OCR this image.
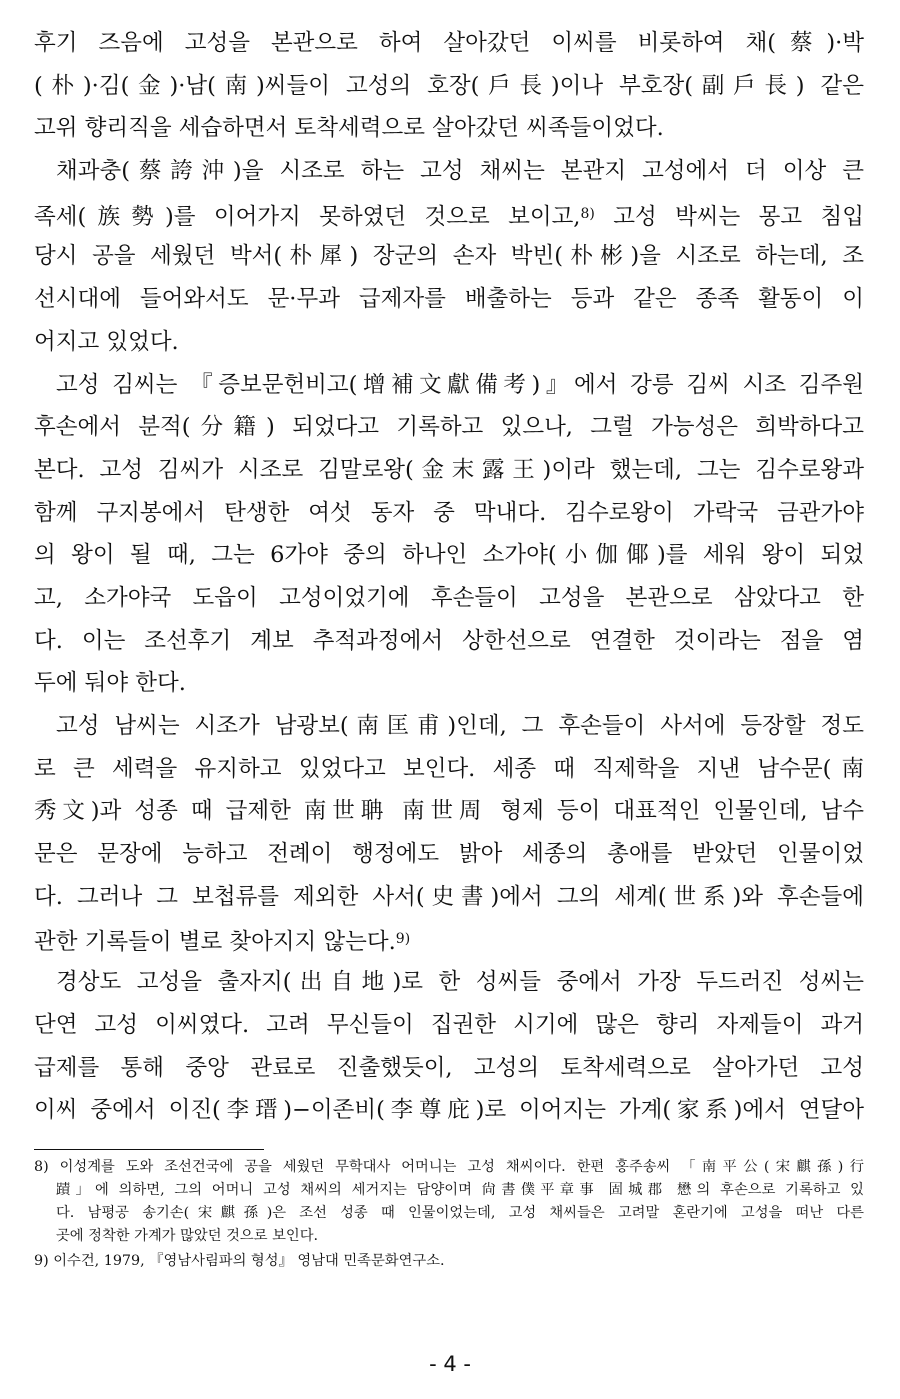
후기 즈음에 고성을 본관으로 하여 살아갔던 이씨를 비롯하여 채(蔡)·박
(朴)·김(金)·남(南)씨들이 고성의 호장(戶長)이나 부호장(副戶長) 같은
고위 향리직을 세습하면서 토착세력으로 살아갔던 씨족들이었다.
채과충(蔡誇沖)을 시조로 하는 고성 채씨는 본관지 고성에서 더 이상 큰
족세(族勢)를 이어가지 못하였던 것으로 보이고,$^{8)}$ 고성 박씨는 몽고 침입
당시 공을 세웠던 박서(朴犀) 장군의 손자 박빈(朴彬)을 시조로 하는데, 조
선시대에 들어와서도 문·무과 급제자를 배출하는 등과 같은 종족 활동이 이
어지고 있었다.
고성 김씨는 『증보문헌비고(增補文獻備考)』에서 강릉 김씨 시조 김주원
후손에서 분적(分籍) 되었다고 기록하고 있으나, 그럴 가능성은 희박하다고
본다. 고성 김씨가 시조로 김말로왕(金末露王)이라 했는데, 그는 김수로왕과
함께 구지봉에서 탄생한 여섯 동자 중 막내다. 김수로왕이 가락국 금관가야
의 왕이 될 때, 그는 6가야 중의 하나인 소가야(小伽倻)를 세워 왕이 되었
고, 소가야국 도읍이 고성이었기에 후손들이 고성을 본관으로 삼았다고 한
다. 이는 조선후기 계보 추적과정에서 상한선으로 연결한 것이라는 점을 염
두에 둬야 한다.
고성 남씨는 시조가 남광보(南匡甫)인데, 그 후손들이 사서에 등장할 정도
로 큰 세력을 유지하고 있었다고 보인다. 세종 때 직제학을 지낸 남수문(南
秀文)과 성종 때 급제한 南世聃 南世周 형제 등이 대표적인 인물인데, 남수
문은 문장에 능하고 전례이 행정에도 밝아 세종의 총애를 받았던 인물이었
다. 그러나 그 보첩류를 제외한 사서(史書)에서 그의 세계(世系)와 후손들에
관한 기록들이 별로 찾아지지 않는다.$^{9)}$
경상도 고성을 출자지(出自地)로 한 성씨들 중에서 가장 두드러진 성씨는
단연 고성 이씨였다. 고려 무신들이 집권한 시기에 많은 향리 자제들이 과거
급제를 통해 중앙 관료로 진출했듯이, 고성의 토착세력으로 살아가던 고성
이씨 중에서 이진(李瑨)−이존비(李尊庇)로 이어지는 가계(家系)에서 연달아
8) 이성계를 도와 조선건국에 공을 세웠던 무학대사 어머니는 고성 채씨이다. 한편 홍주송씨 「南平公(宋麒孫)行
蹟」에 의하면, 그의 어머니 고성 채씨의 세거지는 담양이며 尙書僕平章事 固城郡 懋의 후손으로 기록하고 있
다. 남평공 송기손(宋麒孫)은 조선 성종 때 인물이었는데, 고성 채씨들은 고려말 혼란기에 고성을 떠난 다른
곳에 정착한 가계가 많았던 것으로 보인다.
9) 이수건, 1979, 『영남사림파의 형성』 영남대 민족문화연구소.
- 4 -
